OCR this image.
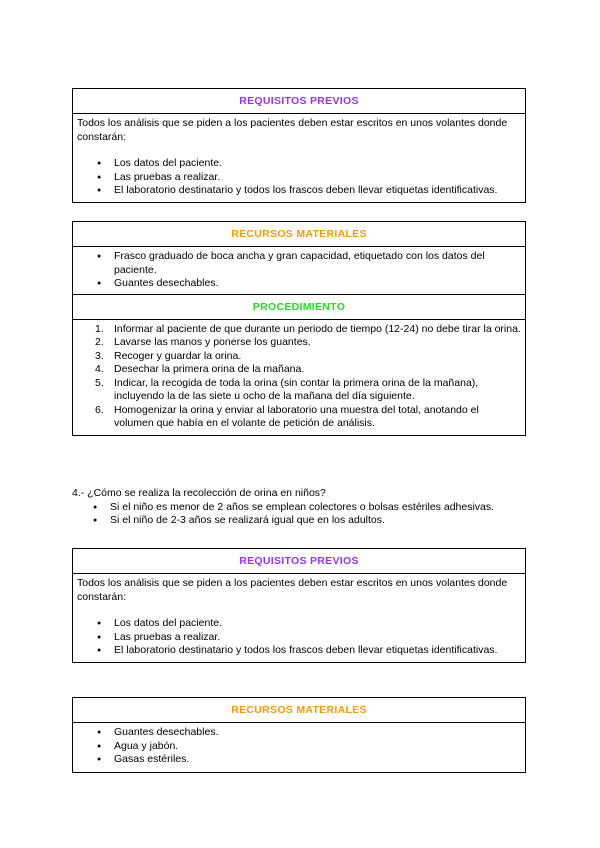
REQUISITOS PREVIOS

Todos los análisis que se piden a los pacientes deben estar escritos en unos volantes donde constarán:

● Los datos del paciente.
● Las pruebas a realizar.
● El laboratorio destinatario y todos los frascos deben llevar etiquetas identificativas.
RECURSOS MATERIALES
● Frasco graduado de boca ancha y gran capacidad, etiquetado con los datos del paciente.
● Guantes desechables.
PROCEDIMIENTO
1. Informar al paciente de que durante un periodo de tiempo (12-24) no debe tirar la orina.
2. Lavarse las manos y ponerse los guantes.
3. Recoger y guardar la orina.
4. Desechar la primera orina de la mañana.
5. Indicar, la recogida de toda la orina (sin contar la primera orina de la mañana), incluyendo la de las siete u ocho de la mañana del día siguiente.
6. Homogenizar la orina y enviar al laboratorio una muestra del total, anotando el volumen que había en el volante de petición de análisis.
4.- ¿Cómo se realiza la recolección de orina en niños?
● Si el niño es menor de 2 años se emplean colectores o bolsas estériles adhesivas.
● Si el niño de 2-3 años se realizará igual que en los adultos.
REQUISITOS PREVIOS

Todos los análisis que se piden a los pacientes deben estar escritos en unos volantes donde constarán:

● Los datos del paciente.
● Las pruebas a realizar.
● El laboratorio destinatario y todos los frascos deben llevar etiquetas identificativas.
RECURSOS MATERIALES
● Guantes desechables.
● Agua y jabón.
● Gasas estériles.
